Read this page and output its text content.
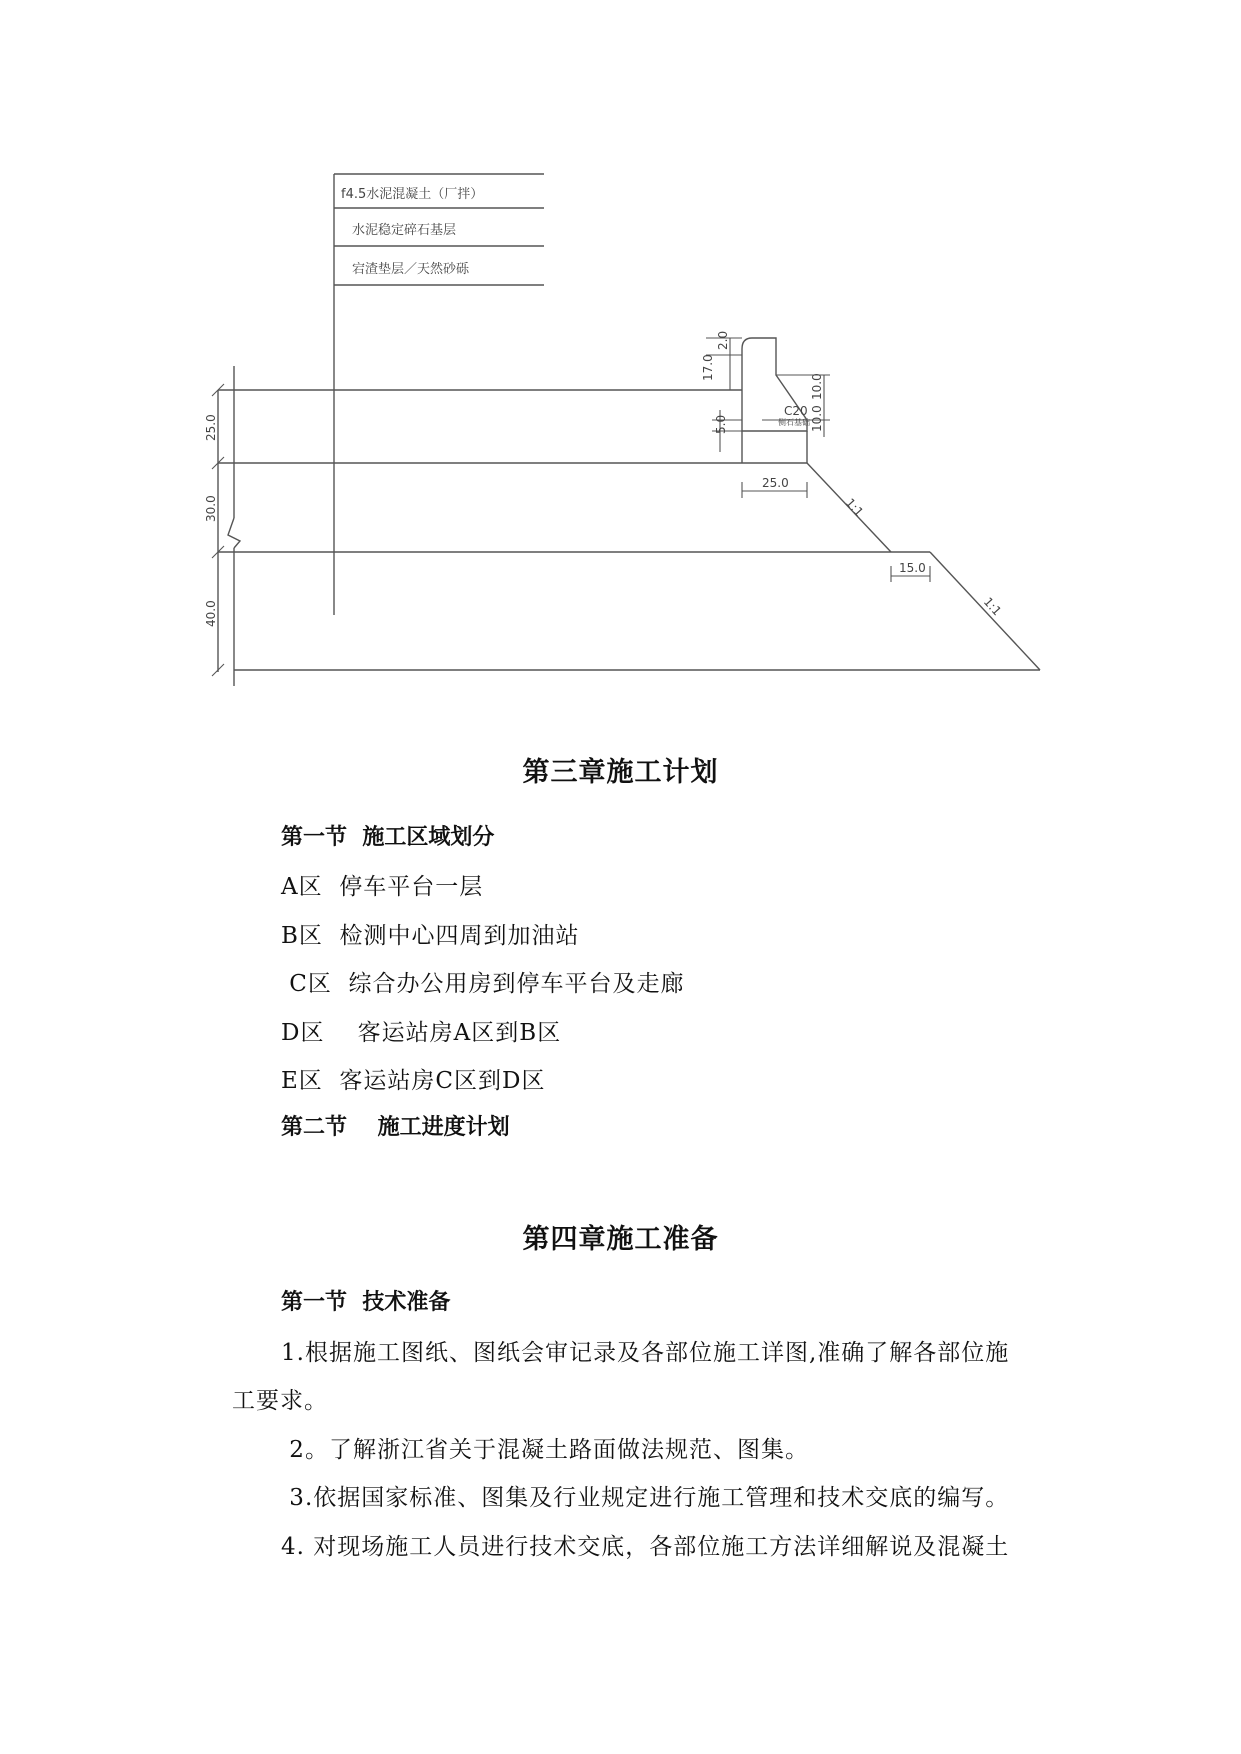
f4.5水泥混凝土（厂拌）
水泥稳定碎石基层
宕渣垫层／天然砂砾
25.0
30.0
40.0
1:1
1:1
C20
侧石基础
2.0
17.0
5.0
10.0
10.0
25.0
15.0
第三章施工计划
第一节  施工区域划分
A区  停车平台一层
B区  检测中心四周到加油站
C区  综合办公用房到停车平台及走廊
D区    客运站房A区到B区
E区  客运站房C区到D区
第二节    施工进度计划
第四章施工准备
第一节  技术准备
1.根据施工图纸、图纸会审记录及各部位施工详图,准确了解各部位施
工要求。
2。了解浙江省关于混凝土路面做法规范、图集。
3.依据国家标准、图集及行业规定进行施工管理和技术交底的编写。
4. 对现场施工人员进行技术交底，各部位施工方法详细解说及混凝土
